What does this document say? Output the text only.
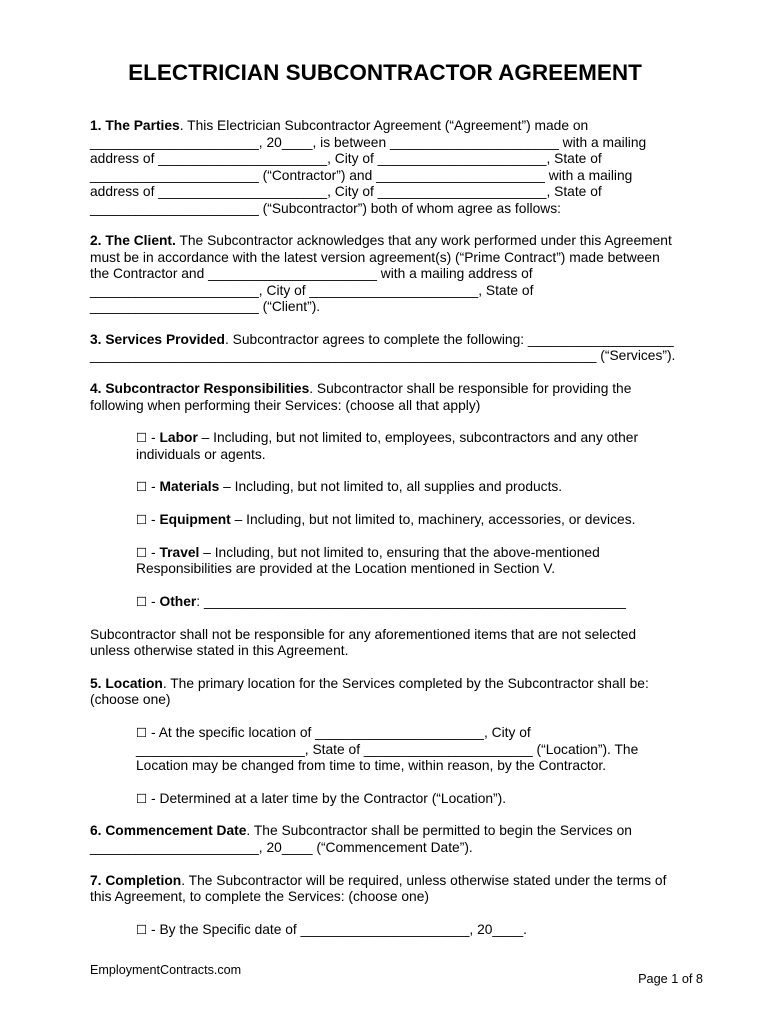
ELECTRICIAN SUBCONTRACTOR AGREEMENT
1. The Parties. This Electrician Subcontractor Agreement (“Agreement”) made on
______________________, 20____, is between ______________________ with a mailing
address of ______________________, City of ______________________, State of
______________________ (“Contractor”) and ______________________ with a mailing
address of ______________________, City of ______________________, State of
______________________ (“Subcontractor”) both of whom agree as follows:
2. The Client. The Subcontractor acknowledges that any work performed under this Agreement
must be in accordance with the latest version agreement(s) (“Prime Contract”) made between
the Contractor and ______________________ with a mailing address of
______________________, City of ______________________, State of
______________________ (“Client”).
3. Services Provided. Subcontractor agrees to complete the following: ___________________
__________________________________________________________________ (“Services”).
4. Subcontractor Responsibilities. Subcontractor shall be responsible for providing the
following when performing their Services: (choose all that apply)
☐ - Labor – Including, but not limited to, employees, subcontractors and any other
individuals or agents.
☐ - Materials – Including, but not limited to, all supplies and products.
☐ - Equipment – Including, but not limited to, machinery, accessories, or devices.
☐ - Travel – Including, but not limited to, ensuring that the above-mentioned
Responsibilities are provided at the Location mentioned in Section V.
☐ - Other: _______________________________________________________
Subcontractor shall not be responsible for any aforementioned items that are not selected
unless otherwise stated in this Agreement.
5. Location. The primary location for the Services completed by the Subcontractor shall be:
(choose one)
☐ - At the specific location of ______________________, City of
______________________, State of ______________________ (“Location”). The
Location may be changed from time to time, within reason, by the Contractor.
☐ - Determined at a later time by the Contractor (“Location”).
6. Commencement Date. The Subcontractor shall be permitted to begin the Services on
______________________, 20____ (“Commencement Date”).
7. Completion. The Subcontractor will be required, unless otherwise stated under the terms of
this Agreement, to complete the Services: (choose one)
☐ - By the Specific date of ______________________, 20____.
EmploymentContracts.com
Page 1 of 8
